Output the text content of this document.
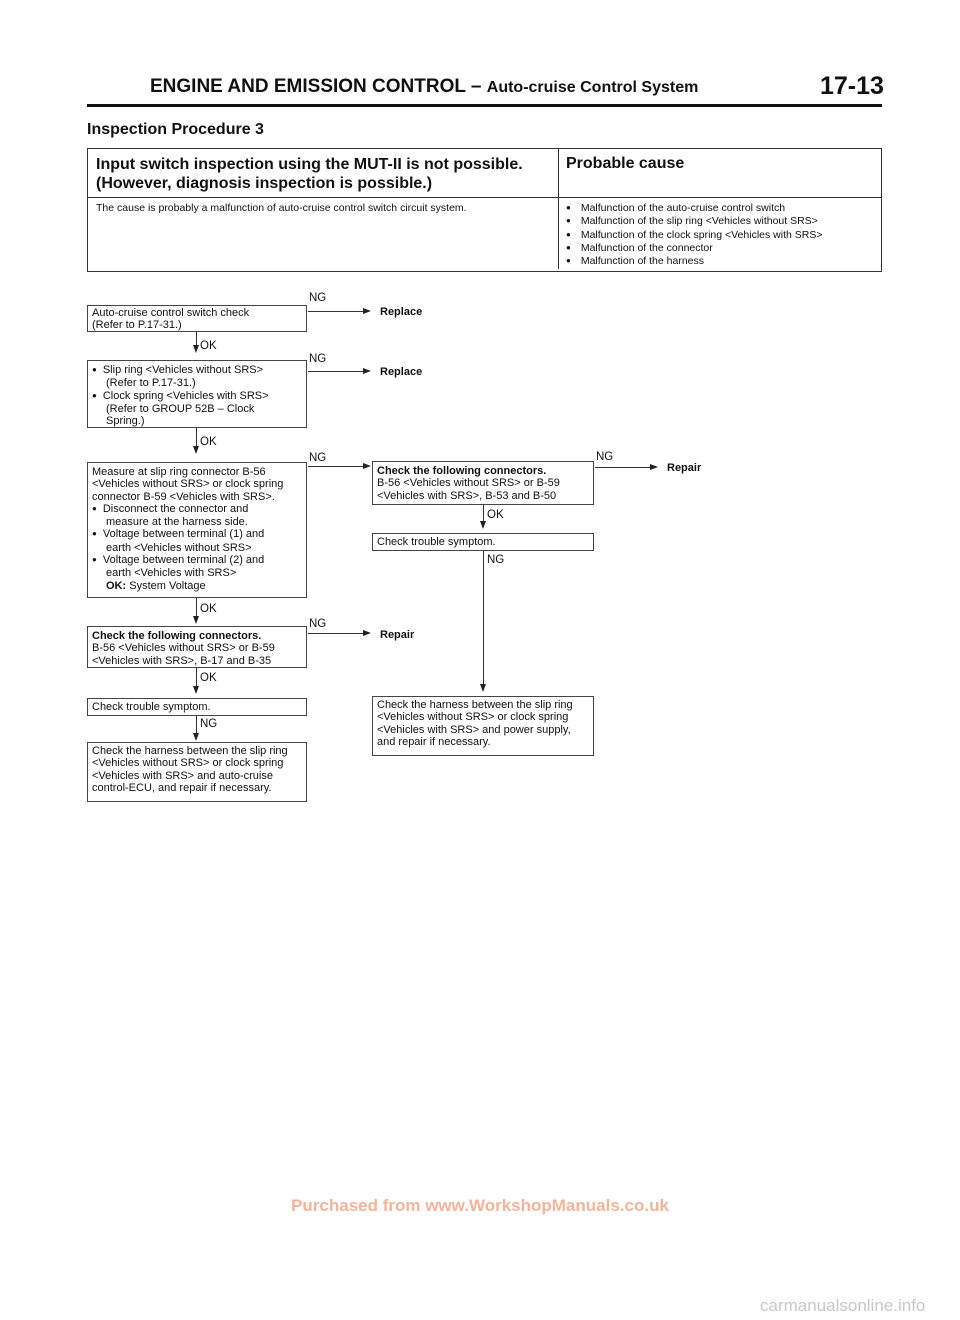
ENGINE AND EMISSION CONTROL – Auto-cruise Control System	17-13
Inspection Procedure 3
Input switch inspection using the MUT-II is not possible.
(However, diagnosis inspection is possible.)
Probable cause
The cause is probably a malfunction of auto-cruise control switch circuit system.
●	Malfunction of the auto-cruise control switch
● Malfunction of the slip ring <Vehicles without SRS>
● Malfunction of the clock spring <Vehicles with SRS>
● Malfunction of the connector
● Malfunction of the harness
Auto-cruise control switch check
(Refer to P.17-31.)
NG
Replace
OK
● Slip ring <Vehicles without SRS>
(Refer to P.17-31.)
● Clock spring <Vehicles with SRS>
(Refer to GROUP 52B – Clock
Spring.)
NG
Replace
OK
Measure at slip ring connector B-56
<Vehicles without SRS> or clock spring
connector B-59 <Vehicles with SRS>.
● Disconnect the connector and
measure at the harness side.
● Voltage between terminal (1) and
earth <Vehicles without SRS>
● Voltage between terminal (2) and
earth <Vehicles with SRS>
OK: System Voltage
NG
OK
Check the following connectors.
B-56 <Vehicles without SRS> or B-59
<Vehicles with SRS>, B-17 and B-35
NG
Repair
OK
Check trouble symptom.
NG
Check the harness between the slip ring
<Vehicles without SRS> or clock spring
<Vehicles with SRS> and auto-cruise
control-ECU, and repair if necessary.
Check the following connectors.
B-56 <Vehicles without SRS> or B-59
<Vehicles with SRS>, B-53 and B-50
NG
Repair
OK
Check trouble symptom.
NG
Check the harness between the slip ring
<Vehicles without SRS> or clock spring
<Vehicles with SRS> and power supply,
and repair if necessary.
Purchased from www.WorkshopManuals.co.uk
carmanualsonline.info
